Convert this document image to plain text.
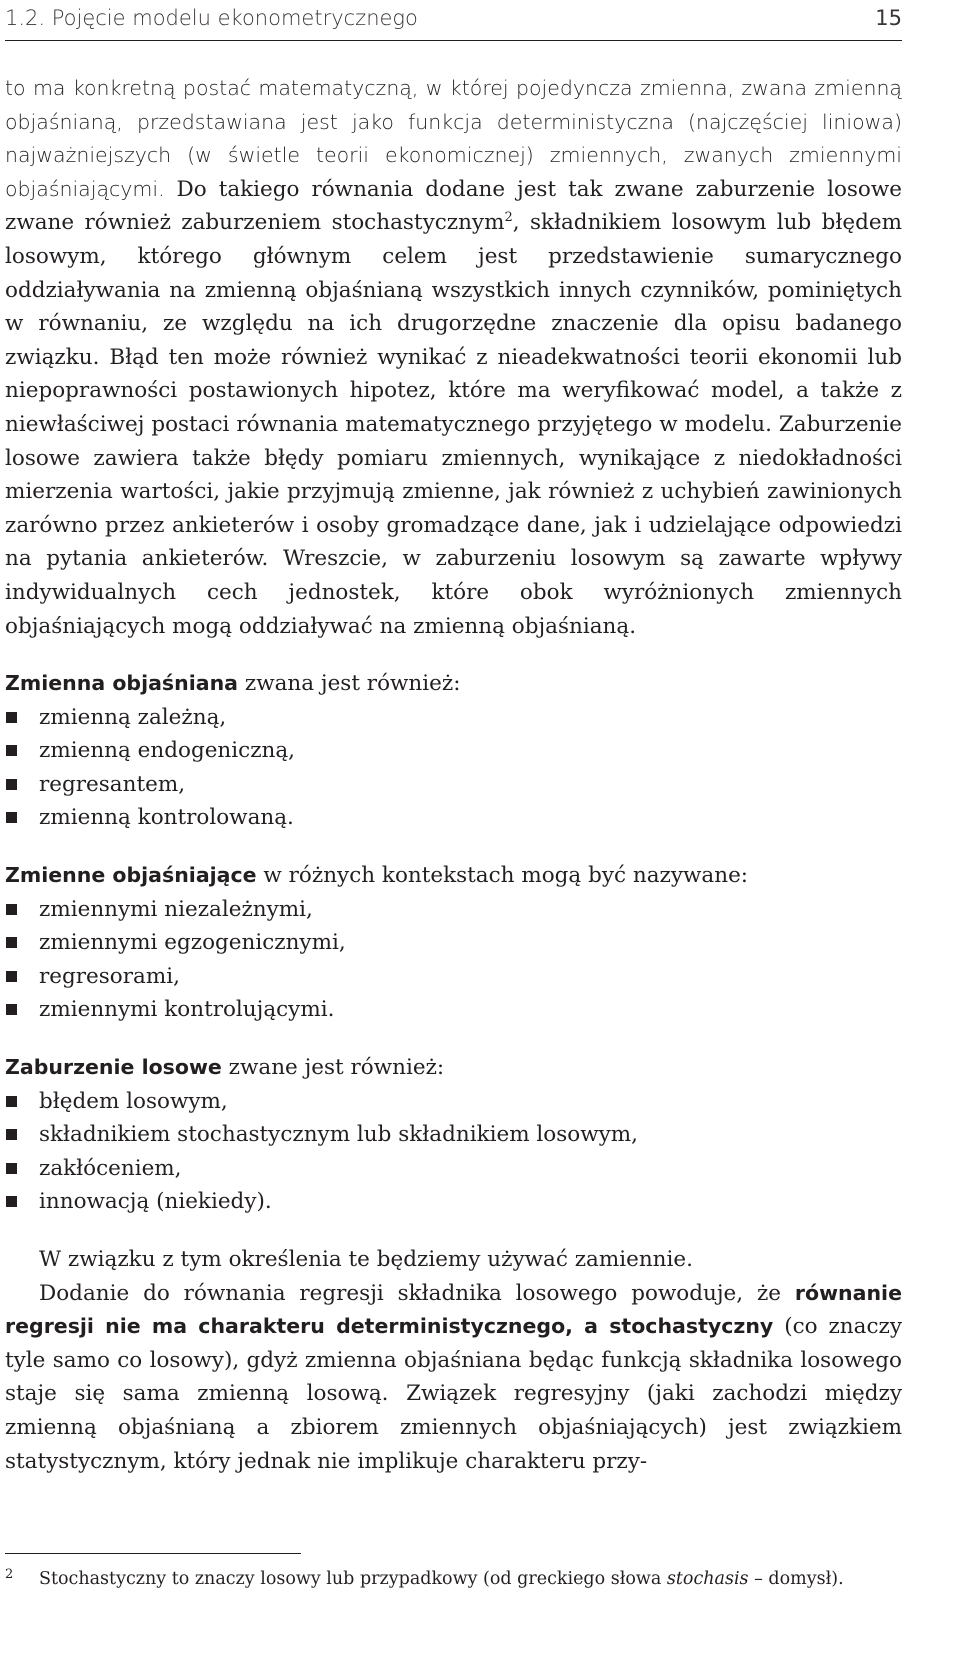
1.2. Pojęcie modelu ekonometrycznego	15

to ma konkretną postać matematyczną, w której pojedyncza zmienna, zwana zmienną objaśnianą, przedstawiana jest jako funkcja deterministyczna (najczęściej liniowa) najważniejszych (w świetle teorii ekonomicznej) zmiennych, zwanych zmiennymi objaśniającymi. Do takiego równania dodane jest tak zwane zaburzenie losowe zwane również zaburzeniem stochastycznym$^2$, składnikiem losowym lub błędem losowym, którego głównym celem jest przedstawienie sumarycznego oddziaływania na zmienną objaśnianą wszystkich innych czynników, pominiętych w równaniu, ze względu na ich drugorzędne znaczenie dla opisu badanego związku. Błąd ten może również wynikać z nieadekwatności teorii ekonomii lub niepoprawności postawionych hipotez, które ma weryfikować model, a także z niewłaściwej postaci równania matematycznego przyjętego w modelu. Zaburzenie losowe zawiera także błędy pomiaru zmiennych, wynikające z niedokładności mierzenia wartości, jakie przyjmują zmienne, jak również z uchybień zawinionych zarówno przez ankieterów i osoby gromadzące dane, jak i udzielające odpowiedzi na pytania ankieterów. Wreszcie, w zaburzeniu losowym są zawarte wpływy indywidualnych cech jednostek, które obok wyróżnionych zmiennych objaśniających mogą oddziaływać na zmienną objaśnianą.

Zmienna objaśniana zwana jest również:

zmienną zależną,
zmienną endogeniczną,
regresantem,
zmienną kontrolowaną.

Zmienne objaśniające w różnych kontekstach mogą być nazywane:

zmiennymi niezależnymi,
zmiennymi egzogenicznymi,
regresorami,
zmiennymi kontrolującymi.

Zaburzenie losowe zwane jest również:

błędem losowym,
składnikiem stochastycznym lub składnikiem losowym,
zakłóceniem,
innowacją (niekiedy).

W związku z tym określenia te będziemy używać zamiennie.

Dodanie do równania regresji składnika losowego powoduje, że równanie regresji nie ma charakteru deterministycznego, a stochastyczny (co znaczy tyle samo co losowy), gdyż zmienna objaśniana będąc funkcją składnika losowego staje się sama zmienną losową. Związek regresyjny (jaki zachodzi między zmienną objaśnianą a zbiorem zmiennych objaśniających) jest związkiem statystycznym, który jednak nie implikuje charakteru przy-

2 Stochastyczny to znaczy losowy lub przypadkowy (od greckiego słowa stochasis – domysł).
